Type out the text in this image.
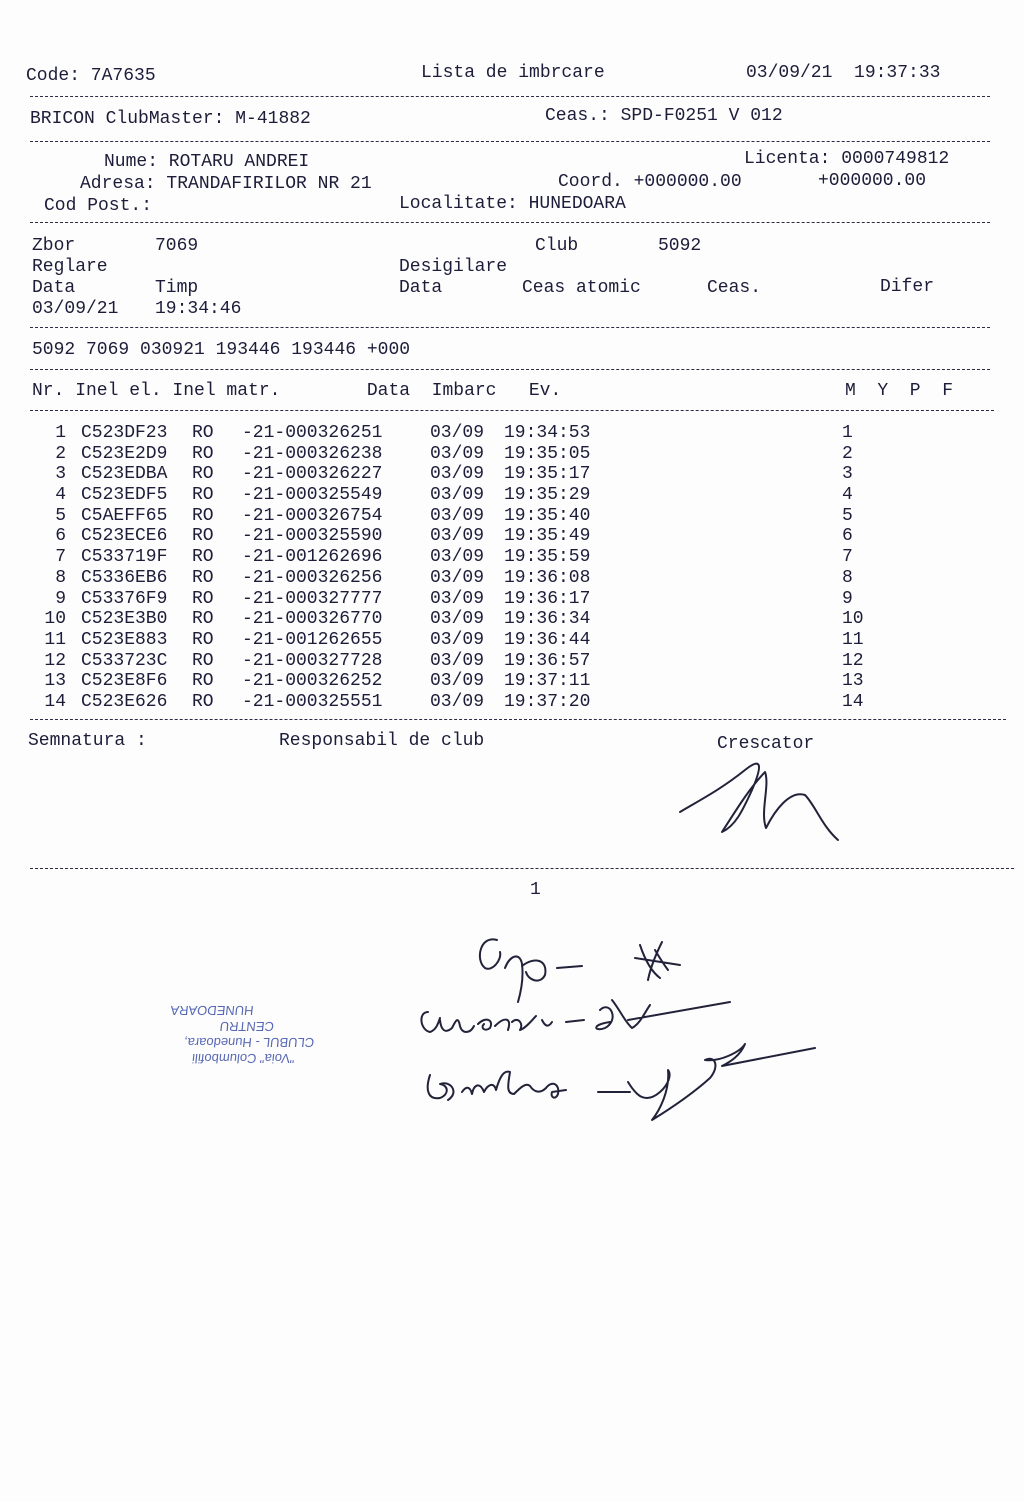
Code: 7A7635	Lista de imbrcare	03/09/21  19:37:33
BRICON ClubMaster: M-41882	Ceas.: SPD-F0251 V 012
Nume: ROTARU ANDREI	Licenta: 0000749812
Adresa: TRANDAFIRILOR NR 21	Coord. +000000.00	+000000.00
Cod Post.:	Localitate: HUNEDOARA
Zbor	7069	Club	5092
Reglare	Desigilare
Data	Timp	Data	Ceas atomic	Ceas.	Difer
03/09/21 19:34:46
5092 7069 030921 193446 193446 +000
Nr. Inel el. Inel matr.        Data  Imbarc   Ev.	M  Y  P  F
1 C523DF23 RO -21-000326251	03/09 19:34:53	1
2 C523E2D9 RO -21-000326238	03/09 19:35:05	2
3 C523EDBA RO -21-000326227	03/09 19:35:17	3
4 C523EDF5 RO -21-000325549	03/09 19:35:29	4
5 C5AEFF65 RO -21-000326754	03/09 19:35:40	5
6 C523ECE6 RO -21-000325590	03/09 19:35:49	6
7 C533719F RO -21-001262696	03/09 19:35:59	7
8 C5336EB6 RO -21-000326256	03/09 19:36:08	8
9 C53376F9 RO -21-000327777	03/09 19:36:17	9
10 C523E3B0 RO -21-000326770	03/09 19:36:34	10
11 C523E883 RO -21-001262655	03/09 19:36:44	11
12 C533723C RO -21-000327728	03/09 19:36:57	12
13 C523E8F6 RO -21-000326252	03/09 19:37:11	13
14 C523E626 RO -21-000325551	03/09 19:37:20	14
Semnatura :	Responsabil de club	Crescator
1
"Voia" Columbofili
CLUBUL - Hunedoara,
CENTRU
HUNEDOARA
